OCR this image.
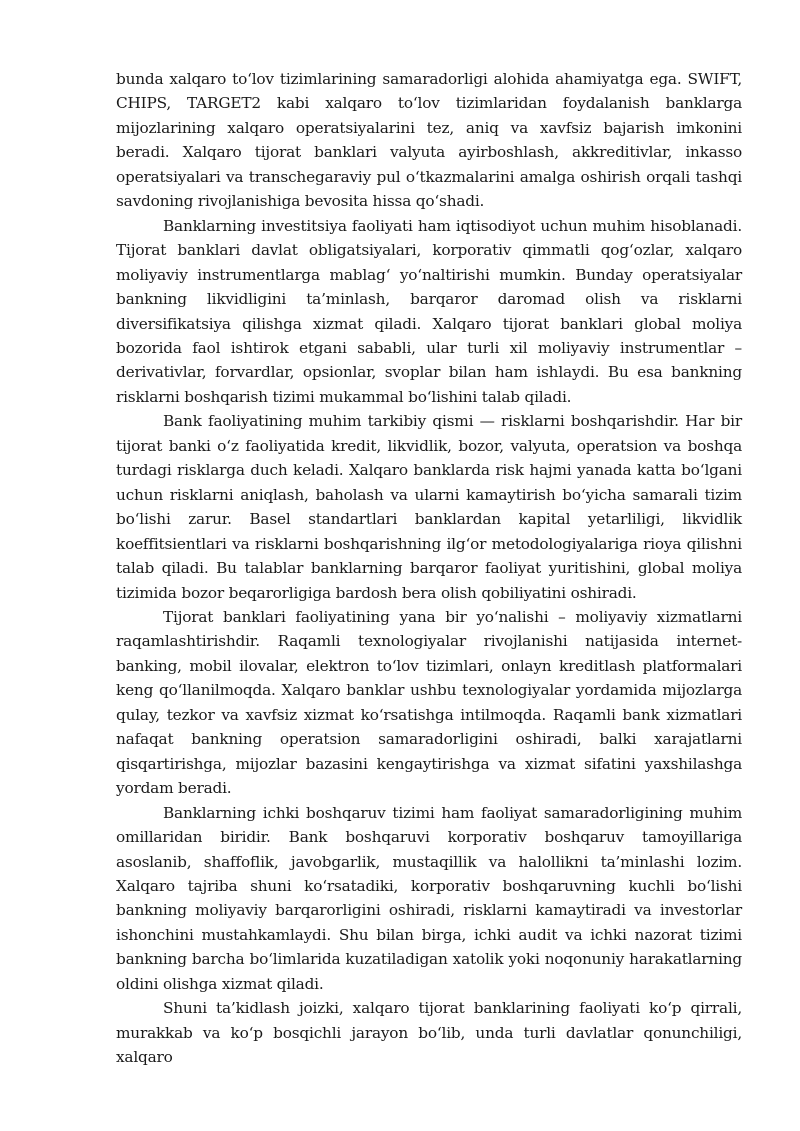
bunda xalqaro to‘lov tizimlarining samaradorligi alohida ahamiyatga ega. SWIFT, CHIPS, TARGET2 kabi xalqaro to‘lov tizimlaridan foydalanish banklarga mijozlarining xalqaro operatsiyalarini tez, aniq va xavfsiz bajarish imkonini beradi. Xalqaro tijorat banklari valyuta ayirboshlash, akkreditivlar, inkasso operatsiyalari va transchegaraviy pul o‘tkazmalarini amalga oshirish orqali tashqi savdoning rivojlanishiga bevosita hissa qo‘shadi.

Banklarning investitsiya faoliyati ham iqtisodiyot uchun muhim hisoblanadi. Tijorat banklari davlat obligatsiyalari, korporativ qimmatli qog‘ozlar, xalqaro moliyaviy instrumentlarga mablag‘ yo‘naltirishi mumkin. Bunday operatsiyalar bankning likvidligini ta’minlash, barqaror daromad olish va risklarni diversifikatsiya qilishga xizmat qiladi. Xalqaro tijorat banklari global moliya bozorida faol ishtirok etgani sababli, ular turli xil moliyaviy instrumentlar – derivativlar, forvardlar, opsionlar, svoplar bilan ham ishlaydi. Bu esa bankning risklarni boshqarish tizimi mukammal bo‘lishini talab qiladi.

Bank faoliyatining muhim tarkibiy qismi — risklarni boshqarishdir. Har bir tijorat banki o‘z faoliyatida kredit, likvidlik, bozor, valyuta, operatsion va boshqa turdagi risklarga duch keladi. Xalqaro banklarda risk hajmi yanada katta bo‘lgani uchun risklarni aniqlash, baholash va ularni kamaytirish bo‘yicha samarali tizim bo‘lishi zarur. Basel standartlari banklardan kapital yetarliligi, likvidlik koeffitsientlari va risklarni boshqarishning ilg‘or metodologiyalariga rioya qilishni talab qiladi. Bu talablar banklarning barqaror faoliyat yuritishini, global moliya tizimida bozor beqarorligiga bardosh bera olish qobiliyatini oshiradi.

Tijorat banklari faoliyatining yana bir yo‘nalishi – moliyaviy xizmatlarni raqamlashtirishdir. Raqamli texnologiyalar rivojlanishi natijasida internet-banking, mobil ilovalar, elektron to‘lov tizimlari, onlayn kreditlash platformalari keng qo‘llanilmoqda. Xalqaro banklar ushbu texnologiyalar yordamida mijozlarga qulay, tezkor va xavfsiz xizmat ko‘rsatishga intilmoqda. Raqamli bank xizmatlari nafaqat bankning operatsion samaradorligini oshiradi, balki xarajatlarni qisqartirishga, mijozlar bazasini kengaytirishga va xizmat sifatini yaxshilashga yordam beradi.

Banklarning ichki boshqaruv tizimi ham faoliyat samaradorligining muhim omillaridan biridir. Bank boshqaruvi korporativ boshqaruv tamoyillariga asoslanib, shaffoflik, javobgarlik, mustaqillik va halollikni ta’minlashi lozim. Xalqaro tajriba shuni ko‘rsatadiki, korporativ boshqaruvning kuchli bo‘lishi bankning moliyaviy barqarorligini oshiradi, risklarni kamaytiradi va investorlar ishonchini mustahkamlaydi. Shu bilan birga, ichki audit va ichki nazorat tizimi bankning barcha bo‘limlarida kuzatiladigan xatolik yoki noqonuniy harakatlarning oldini olishga xizmat qiladi.

Shuni ta’kidlash joizki, xalqaro tijorat banklarining faoliyati ko‘p qirrali, murakkab va ko‘p bosqichli jarayon bo‘lib, unda turli davlatlar qonunchiligi, xalqaro
